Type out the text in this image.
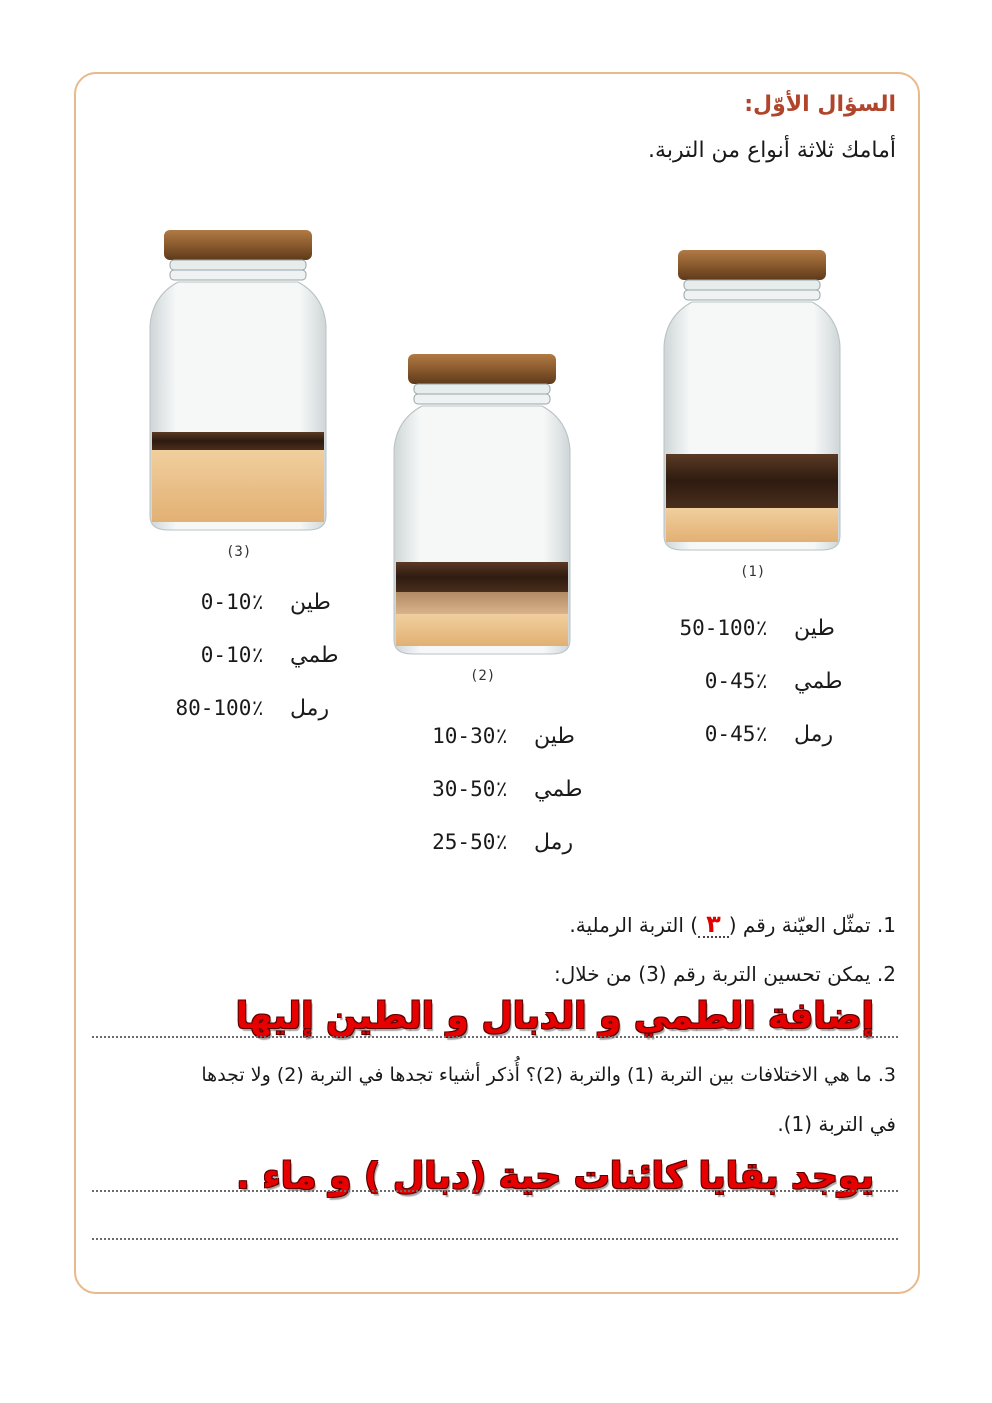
السؤال الأوّل:
أمامك ثلاثة أنواع من التربة.
(3)
(2)
(1)
0-10٪ طين
0-10٪ طمي
80-100٪ رمل
10-30٪ طين
30-50٪ طمي
25-50٪ رمل
50-100٪ طين
0-45٪ طمي
0-45٪ رمل
1. تمثّل العيّنة رقم (٣) التربة الرملية.
2. يمكن تحسين التربة رقم (3) من خلال:
إضافة الطمي و الدبال و الطين إليها
3. ما هي الاختلافات بين التربة (1) والتربة (2)؟ أُذكر أشياء تجدها في التربة (2) ولا تجدها
في التربة (1).
يوجد بقايا كائنات حية (دبال ) و ماء .
